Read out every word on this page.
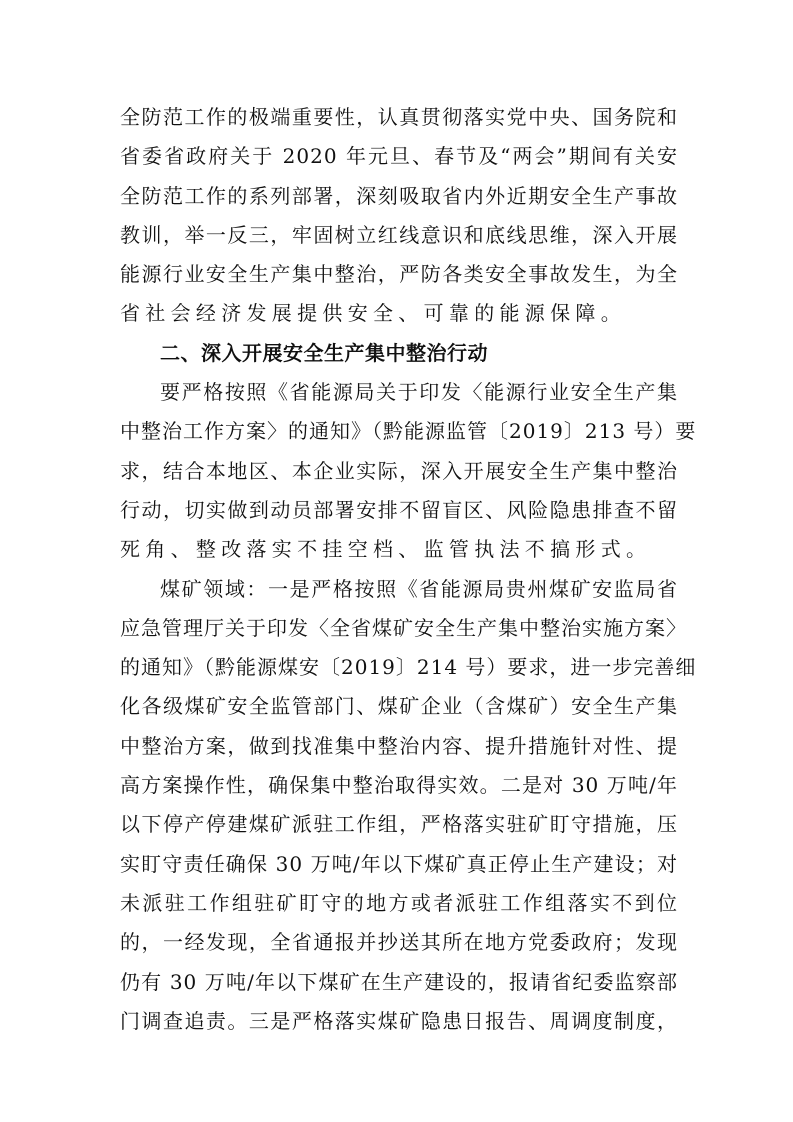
全防范工作的极端重要性，认真贯彻落实党中央、国务院和
省委省政府关于 2020 年元旦、春节及“两会”期间有关安
全防范工作的系列部署，深刻吸取省内外近期安全生产事故
教训，举一反三，牢固树立红线意识和底线思维，深入开展
能源行业安全生产集中整治，严防各类安全事故发生，为全
省社会经济发展提供安全、可靠的能源保障。
二、深入开展安全生产集中整治行动
要严格按照《省能源局关于印发〈能源行业安全生产集
中整治工作方案〉的通知》（黔能源监管〔2019〕213 号）要
求，结合本地区、本企业实际，深入开展安全生产集中整治
行动，切实做到动员部署安排不留盲区、风险隐患排查不留
死角、整改落实不挂空档、监管执法不搞形式。
煤矿领域：一是严格按照《省能源局贵州煤矿安监局省
应急管理厅关于印发〈全省煤矿安全生产集中整治实施方案〉
的通知》（黔能源煤安〔2019〕214 号）要求，进一步完善细
化各级煤矿安全监管部门、煤矿企业（含煤矿）安全生产集
中整治方案，做到找准集中整治内容、提升措施针对性、提
高方案操作性，确保集中整治取得实效。二是对 30 万吨/年
以下停产停建煤矿派驻工作组，严格落实驻矿盯守措施，压
实盯守责任确保 30 万吨/年以下煤矿真正停止生产建设；对
未派驻工作组驻矿盯守的地方或者派驻工作组落实不到位
的，一经发现，全省通报并抄送其所在地方党委政府；发现
仍有 30 万吨/年以下煤矿在生产建设的，报请省纪委监察部
门调查追责。三是严格落实煤矿隐患日报告、周调度制度，
